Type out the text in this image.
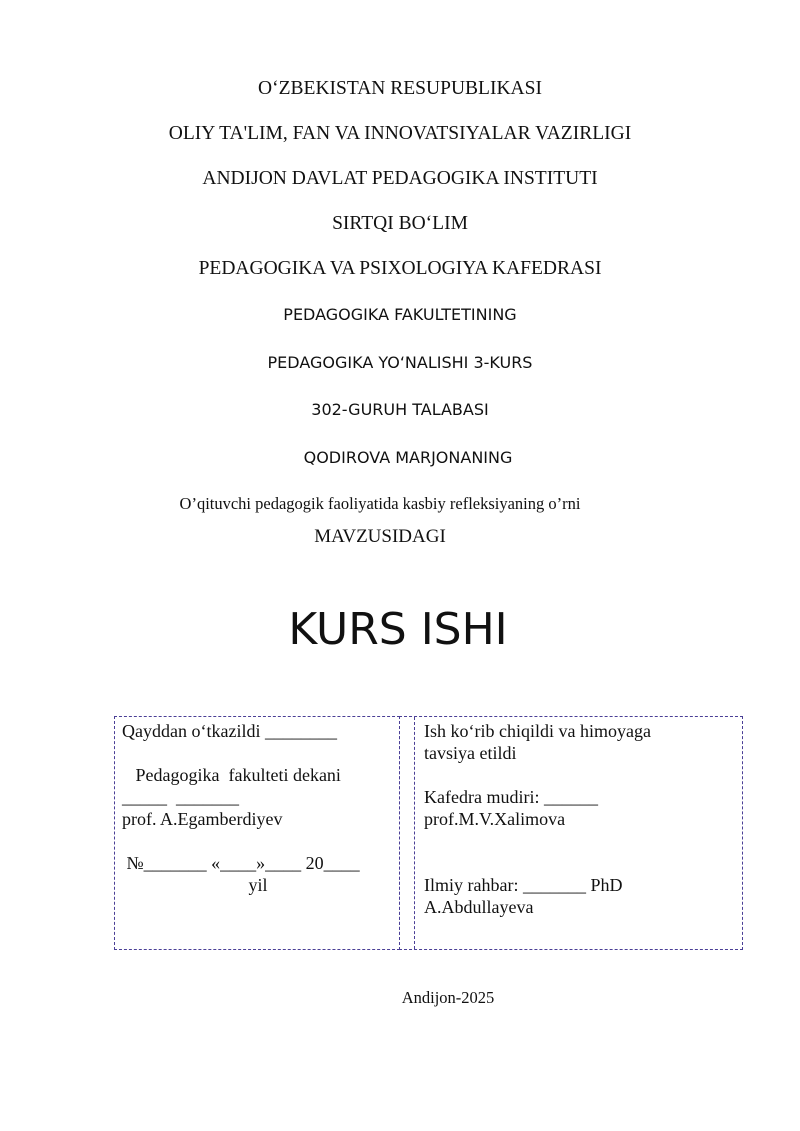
O‘ZBEKISTAN RESUPUBLIKASI
OLIY TA'LIM, FAN VA INNOVATSIYALAR VAZIRLIGI
ANDIJON DAVLAT PEDAGOGIKA INSTITUTI
SIRTQI BO‘LIM
PEDAGOGIKA VA PSIXOLOGIYA KAFEDRASI
PEDAGOGIKA FAKULTETINING
PEDAGOGIKA YO‘NALISHI 3-KURS
302-GURUH TALABASI
QODIROVA MARJONANING
O’qituvchi pedagogik faoliyatida kasbiy refleksiyaning o’rni
MAVZUSIDAGI
KURS ISHI

Qayddan o‘tkazildi ________

Pedagogika  fakulteti dekani

_____  _______

prof. A.Egamberdiyev

№_______ «____»____ 20____

yil

Ish ko‘rib chiqildi va himoyaga

tavsiya etildi

Kafedra mudiri: ______

prof.M.V.Xalimova

Ilmiy rahbar: _______ PhD

A.Abdullayeva

Andijon-2025
